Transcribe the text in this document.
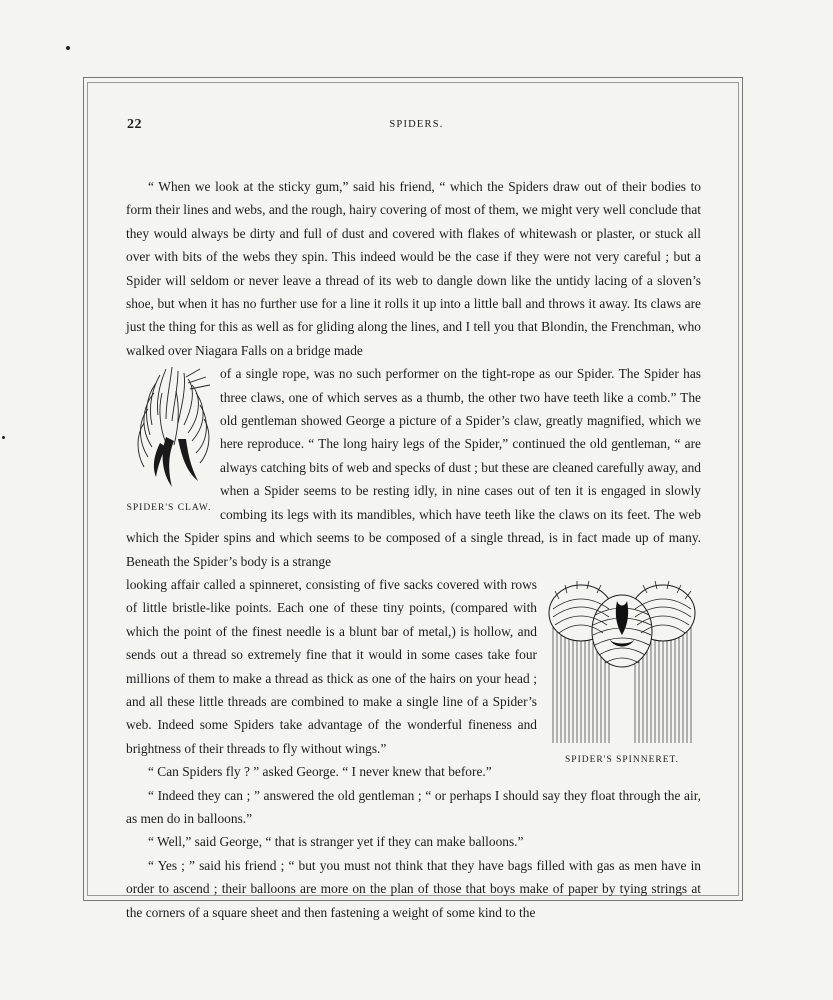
22	SPIDERS.

“ When we look at the sticky gum,” said his friend, “ which the Spiders draw out of their bodies to form their lines and webs, and the rough, hairy covering of most of them, we might very well conclude that they would always be dirty and full of dust and covered with flakes of whitewash or plaster, or stuck all over with bits of the webs they spin. This indeed would be the case if they were not very careful ; but a Spider will seldom or never leave a thread of its web to dangle down like the untidy lacing of a sloven’s shoe, but when it has no further use for a line it rolls it up into a little ball and throws it away. Its claws are just the thing for this as well as for gliding along the lines, and I tell you that Blondin, the Frenchman, who walked over Niagara Falls on a bridge made

SPIDER'S CLAW.

of a single rope, was no such performer on the tight-rope as our Spider. The Spider has three claws, one of which serves as a thumb, the other two have teeth like a comb.” The old gentleman showed George a picture of a Spider’s claw, greatly magnified, which we here reproduce. “ The long hairy legs of the Spider,” continued the old gentleman, “ are always catching bits of web and specks of dust ; but these are cleaned carefully away, and when a Spider seems to be resting idly, in nine cases out of ten it is engaged in slowly combing its legs with its mandibles, which have teeth like the claws on its feet. The web which the Spider spins and which seems to be composed of a single thread, is in fact made up of many. Beneath the Spider’s body is a strange

SPIDER'S SPINNERET.

looking affair called a spinneret, consisting of five sacks covered with rows of little bristle-like points. Each one of these tiny points, (compared with which the point of the finest needle is a blunt bar of metal,) is hollow, and sends out a thread so extremely fine that it would in some cases take four millions of them to make a thread as thick as one of the hairs on your head ; and all these little threads are combined to make a single line of a Spider’s web. Indeed some Spiders take advantage of the wonderful fineness and brightness of their threads to fly without wings.”

“ Can Spiders fly ? ” asked George. “ I never knew that before.”

“ Indeed they can ; ” answered the old gentleman ; “ or perhaps I should say they float through the air, as men do in balloons.”

“ Well,” said George, “ that is stranger yet if they can make balloons.”

“ Yes ; ” said his friend ; “ but you must not think that they have bags filled with gas as men have in order to ascend ; their balloons are more on the plan of those that boys make of paper by tying strings at the corners of a square sheet and then fastening a weight of some kind to the
